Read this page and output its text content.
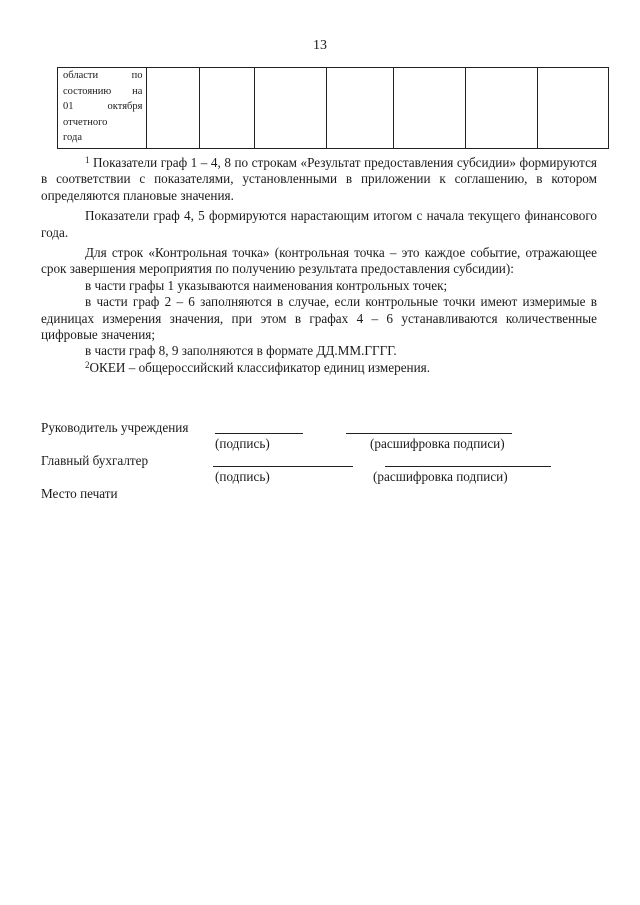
13
области по
состоянию на
01 октября
отчетного
года

$^1$ Показатели граф 1 – 4, 8 по строкам «Результат предоставления субсидии» формируются в соответствии с показателями, установленными в приложении к соглашению, в котором определяются плановые значения.

Показатели граф 4, 5 формируются нарастающим итогом с начала текущего финансового года.

Для строк «Контрольная точка» (контрольная точка – это каждое событие, отражающее срок завершения мероприятия по получению результата предоставления субсидии):

в части графы 1 указываются наименования контрольных точек;

в части граф 2 – 6 заполняются в случае, если контрольные точки имеют измеримые в единицах измерения значения, при этом в графах 4 – 6 устанавливаются количественные цифровые значения;

в части граф 8, 9 заполняются в формате ДД.ММ.ГГГГ.

$^2$ОКЕИ – общероссийский классификатор единиц измерения.

Руководитель учреждения
(подпись)	(расшифровка подписи)
Главный бухгалтер
(подпись)	(расшифровка подписи)
Место печати
